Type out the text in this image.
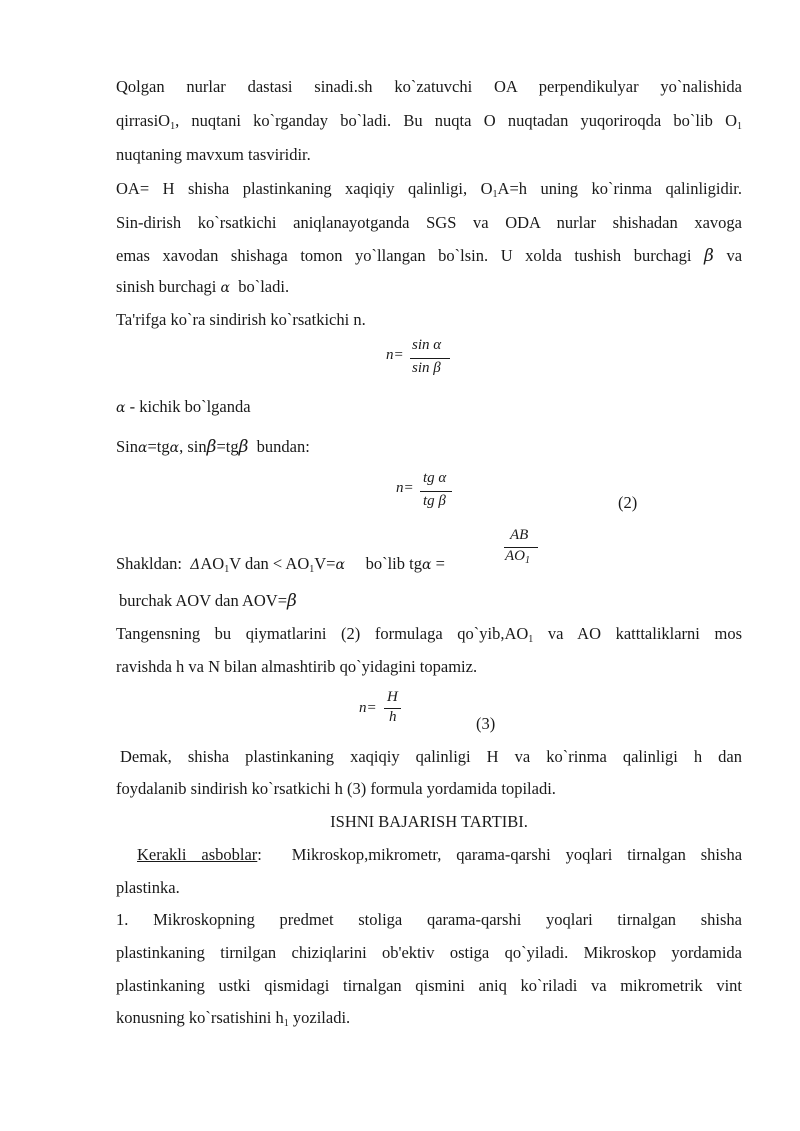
Qolgan nurlar dastasi sinadi.sh ko`zatuvchi OA perpendikulyar yo`nalishida
qirrasiO$_1$, nuqtani ko`rganday bo`ladi. Bu nuqta O nuqtadan yuqoriroqda bo`lib $O_1$
nuqtaning mavxum tasviridir.
OA= H shisha plastinkaning xaqiqiy qalinligi, $O_1A=h$ uning ko`rinma qalinligidir.
Sin-dirish ko`rsatkichi aniqlanayotganda SGS va ODA nurlar shishadan xavoga
emas xavodan shishaga tomon yo`llangan bo`lsin. U xolda tushish burchagi β va
sinish burchagi α bo`ladi.
Ta'rifga ko`ra sindirish ko`rsatkichi n.
n=
sin α
sin β
α - kichik bo`lganda
Sinα=tgα, sinβ=tgβ bundan:
n=
tg α
tg β	(2)
Shakldan: $\Delta AO_1V$ dan < $AO_1V=\alpha$ bo`lib tgα =
AB
$AO_1$
burchak AOV dan AOV=β
Tangensning bu qiymatlarini (2) formulaga $qo`yib,AO_1$ va AO katttaliklarni mos
ravishda h va N bilan almashtirib qo`yidagini topamiz.
n=
H
h	(3)
Demak, shisha plastinkaning xaqiqiy qalinligi H va ko`rinma qalinligi h dan
foydalanib sindirish ko`rsatkichi h (3) formula yordamida topiladi.
ISHNI BAJARISH TARTIBI.
Kerakli asboblar: Mikroskop,mikrometr, qarama-qarshi yoqlari tirnalgan shisha
plastinka.
1. Mikroskopning predmet stoliga qarama-qarshi yoqlari tirnalgan shisha
plastinkaning tirnilgan chiziqlarini ob'ektiv ostiga qo`yiladi. Mikroskop yordamida
plastinkaning ustki qismidagi tirnalgan qismini aniq ko`riladi va mikrometrik vint
konusning ko`rsatishini $h_1$ yoziladi.
